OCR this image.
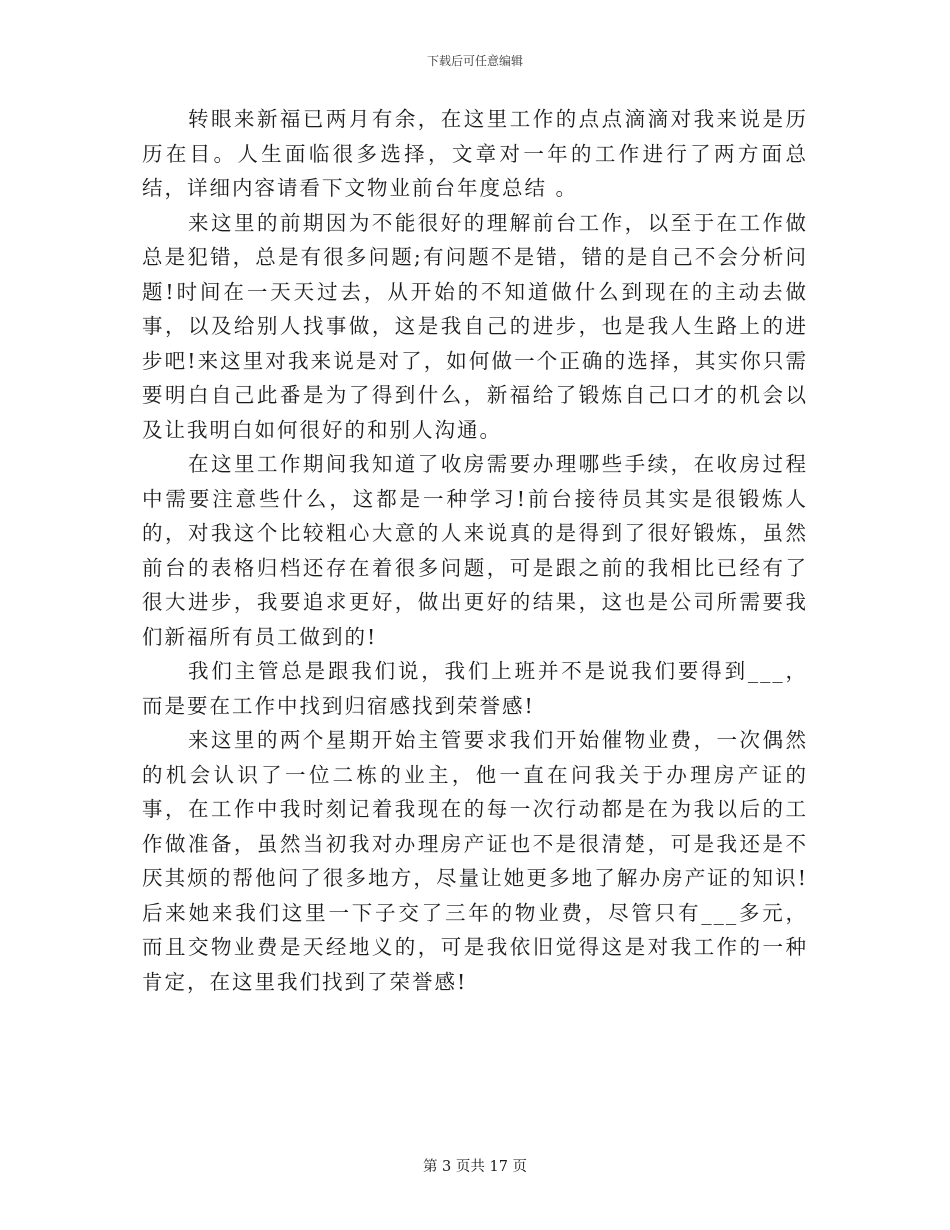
下载后可任意编辑

转眼来新福已两月有余，在这里工作的点点滴滴对我来说是历历在目。人生面临很多选择，文章对一年的工作进行了两方面总结，详细内容请看下文物业前台年度总结 。

来这里的前期因为不能很好的理解前台工作，以至于在工作做总是犯错，总是有很多问题;有问题不是错，错的是自己不会分析问题!时间在一天天过去，从开始的不知道做什么到现在的主动去做事，以及给别人找事做，这是我自己的进步，也是我人生路上的进步吧!来这里对我来说是对了，如何做一个正确的选择，其实你只需要明白自己此番是为了得到什么，新福给了锻炼自己口才的机会以及让我明白如何很好的和别人沟通。

在这里工作期间我知道了收房需要办理哪些手续，在收房过程中需要注意些什么，这都是一种学习!前台接待员其实是很锻炼人的，对我这个比较粗心大意的人来说真的是得到了很好锻炼，虽然前台的表格归档还存在着很多问题，可是跟之前的我相比已经有了很大进步，我要追求更好，做出更好的结果，这也是公司所需要我们新福所有员工做到的!

我们主管总是跟我们说，我们上班并不是说我们要得到___，而是要在工作中找到归宿感找到荣誉感!

来这里的两个星期开始主管要求我们开始催物业费，一次偶然的机会认识了一位二栋的业主，他一直在问我关于办理房产证的事，在工作中我时刻记着我现在的每一次行动都是在为我以后的工作做准备，虽然当初我对办理房产证也不是很清楚，可是我还是不厌其烦的帮他问了很多地方，尽量让她更多地了解办房产证的知识!后来她来我们这里一下子交了三年的物业费，尽管只有___多元，而且交物业费是天经地义的，可是我依旧觉得这是对我工作的一种肯定，在这里我们找到了荣誉感!

第 3 页共 17 页
